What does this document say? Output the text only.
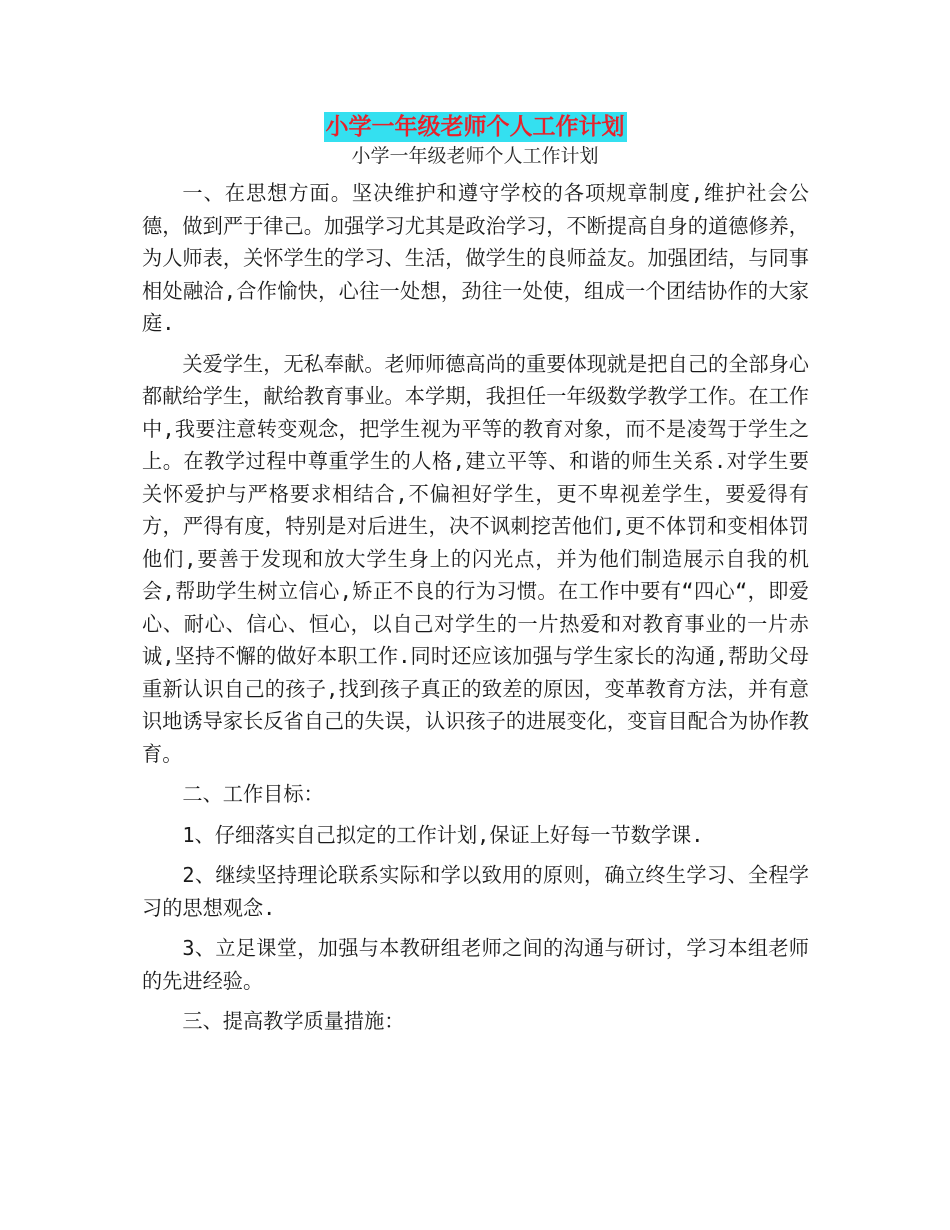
小学一年级老师个人工作计划
小学一年级老师个人工作计划

一、在思想方面。坚决维护和遵守学校的各项规章制度,维护社会公德，做到严于律己。加强学习尤其是政治学习，不断提高自身的道德修养，为人师表，关怀学生的学习、生活，做学生的良师益友。加强团结，与同事相处融洽,合作愉快，心往一处想，劲往一处使，组成一个团结协作的大家庭.

关爱学生，无私奉献。老师师德高尚的重要体现就是把自己的全部身心都献给学生，献给教育事业。本学期，我担任一年级数学教学工作。在工作中,我要注意转变观念，把学生视为平等的教育对象，而不是凌驾于学生之上。在教学过程中尊重学生的人格,建立平等、和谐的师生关系.对学生要关怀爱护与严格要求相结合,不偏袒好学生，更不卑视差学生，要爱得有方，严得有度，特别是对后进生，决不讽刺挖苦他们,更不体罚和变相体罚他们,要善于发现和放大学生身上的闪光点，并为他们制造展示自我的机会,帮助学生树立信心,矫正不良的行为习惯。在工作中要有“四心“，即爱心、耐心、信心、恒心，以自己对学生的一片热爱和对教育事业的一片赤诚,坚持不懈的做好本职工作.同时还应该加强与学生家长的沟通,帮助父母重新认识自己的孩子,找到孩子真正的致差的原因，变革教育方法，并有意识地诱导家长反省自己的失误，认识孩子的进展变化，变盲目配合为协作教育。

二、工作目标：

1、仔细落实自己拟定的工作计划,保证上好每一节数学课.

2、继续坚持理论联系实际和学以致用的原则，确立终生学习、全程学习的思想观念.

3、立足课堂，加强与本教研组老师之间的沟通与研讨，学习本组老师的先进经验。

三、提高教学质量措施：
